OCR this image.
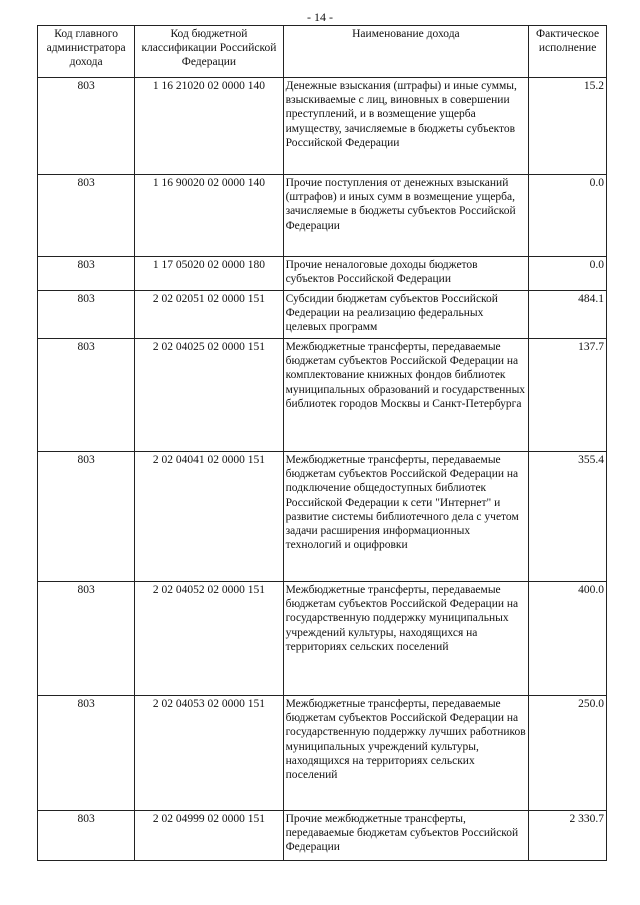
- 14 -
Код главного администратора дохода	Код бюджетной классификации Российской Федерации	Наименование дохода	Фактическое исполнение
803	1 16 21020 02 0000 140	Денежные взыскания (штрафы) и иные суммы, взыскиваемые с лиц, виновных в совершении преступлений, и в возмещение ущерба имуществу, зачисляемые в бюджеты субъектов Российской Федерации	15.2
803	1 16 90020 02 0000 140	Прочие поступления от денежных взысканий (штрафов) и иных сумм в возмещение ущерба, зачисляемые в бюджеты субъектов Российской Федерации	0.0
803	1 17 05020 02 0000 180	Прочие неналоговые доходы бюджетов субъектов Российской Федерации	0.0
803	2 02 02051 02 0000 151	Субсидии бюджетам субъектов Российской Федерации на реализацию федеральных целевых программ	484.1
803	2 02 04025 02 0000 151	Межбюджетные трансферты, передаваемые бюджетам субъектов Российской Федерации на комплектование книжных фондов библиотек муниципальных образований и государственных библиотек городов Москвы и Санкт-Петербурга	137.7
803	2 02 04041 02 0000 151	Межбюджетные трансферты, передаваемые бюджетам субъектов Российской Федерации на подключение общедоступных библиотек Российской Федерации к сети "Интернет" и развитие системы библиотечного дела с учетом задачи расширения информационных технологий и оцифровки	355.4
803	2 02 04052 02 0000 151	Межбюджетные трансферты, передаваемые бюджетам субъектов Российской Федерации на государственную поддержку муниципальных учреждений культуры, находящихся на территориях сельских поселений	400.0
803	2 02 04053 02 0000 151	Межбюджетные трансферты, передаваемые бюджетам субъектов Российской Федерации на государственную поддержку лучших работников муниципальных учреждений культуры, находящихся на территориях сельских поселений	250.0
803	2 02 04999 02 0000 151	Прочие межбюджетные трансферты, передаваемые бюджетам субъектов Российской Федерации	2 330.7
